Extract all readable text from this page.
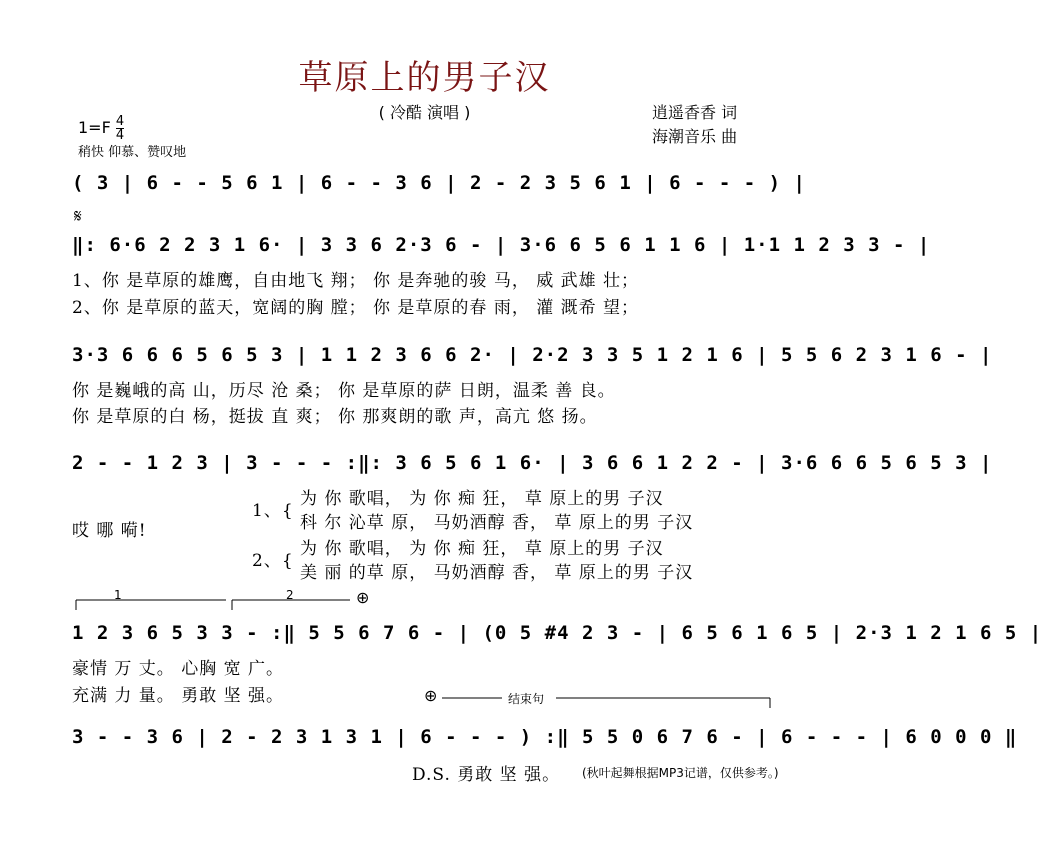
草原上的男子汉
( 冷酷 演唱 )	逍遥香香 词
海潮音乐 曲
$1=F \frac{4}{4}$
稍快 仰慕、赞叹地
( 3 | 6 - - 5 6 1 | 6 - - 3 6 | 2 - 2 3 5 6 1 | 6 - - - ) |
𝄋
‖: 6·6 2 2 3 1 6· | 3 3 6 2·3 6 - | 3·6 6 5 6 1 1 6 | 1·1 1 2 3 3 - |
1、你 是草原的雄鹰，自由地飞 翔； 你 是奔驰的骏 马， 威 武雄 壮；
2、你 是草原的蓝天，宽阔的胸 膛； 你 是草原的春 雨， 灌 溉希 望；
3·3 6 6 6 5 6 5 3 | 1 1 2 3 6 6 2· | 2·2 3 3 5 1 2 1 6 | 5 5 6 2 3 1 6 - |
你 是巍峨的高 山，历尽 沧 桑； 你 是草原的萨 日朗，温柔 善 良。
你 是草原的白 杨，挺拔 直 爽； 你 那爽朗的歌 声，高亢 悠 扬。
2 - - 1 2 3 | 3 - - - :‖: 3 6 5 6 1 6· | 3 6 6 1 2 2 - | 3·6 6 6 5 6 5 3 |
哎 哪 嗬!
1、{
2、{
为 你 歌唱， 为 你 痴 狂， 草 原上的男 子汉
科 尔 沁草 原， 马奶酒醇 香， 草 原上的男 子汉
为 你 歌唱， 为 你 痴 狂， 草 原上的男 子汉
美 丽 的草 原， 马奶酒醇 香， 草 原上的男 子汉
1	2	⊕
1 2 3 6 5 3 3 - :‖ 5 5 6 7 6 - | (0 5 #4 2 3 - | 6 5 6 1 6 5 | 2·3 1 2 1 6 5 |
豪情 万 丈。 心胸 宽 广。
充满 力 量。 勇敢 坚 强。	⊕	结束句
3 - - 3 6 | 2 - 2 3 1 3 1 | 6 - - - ) :‖ 5 5 0 6 7 6 - | 6 - - - | 6 0 0 0 ‖
D.S. 勇敢 坚 强。 (秋叶起舞根据MP3记谱，仅供参考。)
